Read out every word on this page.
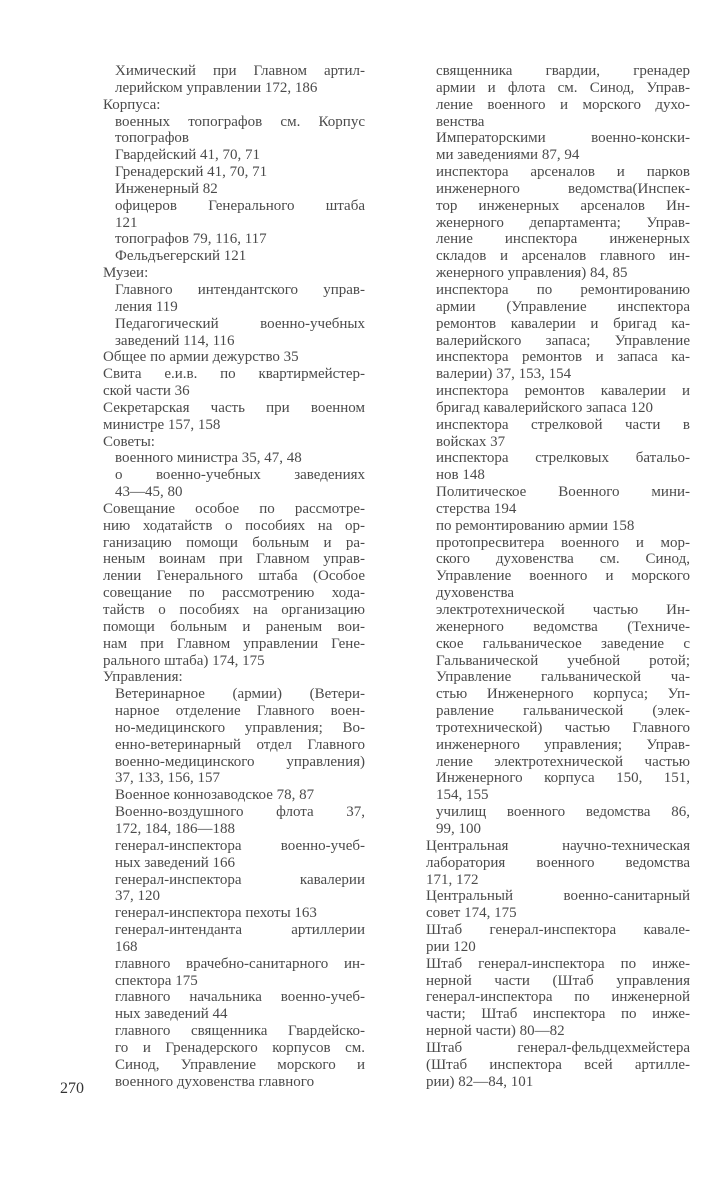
Химический при Главном артил-
лерийском управлении 172, 186
Корпуса:
военных топографов см. Корпус
топографов
Гвардейский 41, 70, 71
Гренадерский 41, 70, 71
Инженерный 82
офицеров Генерального штаба
121
топографов 79, 116, 117
Фельдъегерский 121
Музеи:
Главного интендантского управ-
ления 119
Педагогический военно-учебных
заведений 114, 116
Общее по армии дежурство 35
Свита е.и.в. по квартирмейстер-
ской части 36
Секретарская часть при военном
министре 157, 158
Советы:
военного министра 35, 47, 48
о военно-учебных заведениях
43—45, 80
Совещание особое по рассмотре-
нию ходатайств о пособиях на ор-
ганизацию помощи больным и ра-
неным воинам при Главном управ-
лении Генерального штаба (Особое
совещание по рассмотрению хода-
тайств о пособиях на организацию
помощи больным и раненым вои-
нам при Главном управлении Гене-
рального штаба) 174, 175
Управления:
Ветеринарное (армии) (Ветери-
нарное отделение Главного воен-
но-медицинского управления; Во-
енно-ветеринарный отдел Главного
военно-медицинского управления)
37, 133, 156, 157
Военное коннозаводское 78, 87
Военно-воздушного флота 37,
172, 184, 186—188
генерал-инспектора военно-учеб-
ных заведений 166
генерал-инспектора кавалерии
37, 120
генерал-инспектора пехоты 163
генерал-интенданта артиллерии
168
главного врачебно-санитарного ин-
спектора 175
главного начальника военно-учеб-
ных заведений 44
главного священника Гвардейско-
го и Гренадерского корпусов см.
Синод, Управление морского и
военного духовенства главного
священника гвардии, гренадер
армии и флота см. Синод, Управ-
ление военного и морского духо-
венства
Императорскими военно-конски-
ми заведениями 87, 94
инспектора арсеналов и парков
инженерного ведомства(Инспек-
тор инженерных арсеналов Ин-
женерного департамента; Управ-
ление инспектора инженерных
складов и арсеналов главного ин-
женерного управления) 84, 85
инспектора по ремонтированию
армии (Управление инспектора
ремонтов кавалерии и бригад ка-
валерийского запаса; Управление
инспектора ремонтов и запаса ка-
валерии) 37, 153, 154
инспектора ремонтов кавалерии и
бригад кавалерийского запаса 120
инспектора стрелковой части в
войсках 37
инспектора стрелковых батальо-
нов 148
Политическое Военного мини-
стерства 194
по ремонтированию армии 158
протопресвитера военного и мор-
ского духовенства см. Синод,
Управление военного и морского
духовенства
электротехнической частью Ин-
женерного ведомства (Техниче-
ское гальваническое заведение с
Гальванической учебной ротой;
Управление гальванической ча-
стью Инженерного корпуса; Уп-
равление гальванической (элек-
тротехнической) частью Главного
инженерного управления; Управ-
ление электротехнической частью
Инженерного корпуса 150, 151,
154, 155
училищ военного ведомства 86,
99, 100
Центральная научно-техническая
лаборатория военного ведомства
171, 172
Центральный военно-санитарный
совет 174, 175
Штаб генерал-инспектора кавале-
рии 120
Штаб генерал-инспектора по инже-
нерной части (Штаб управления
генерал-инспектора по инженерной
части; Штаб инспектора по инже-
нерной части) 80—82
Штаб генерал-фельдцехмейстера
(Штаб инспектора всей артилле-
рии) 82—84, 101
270
